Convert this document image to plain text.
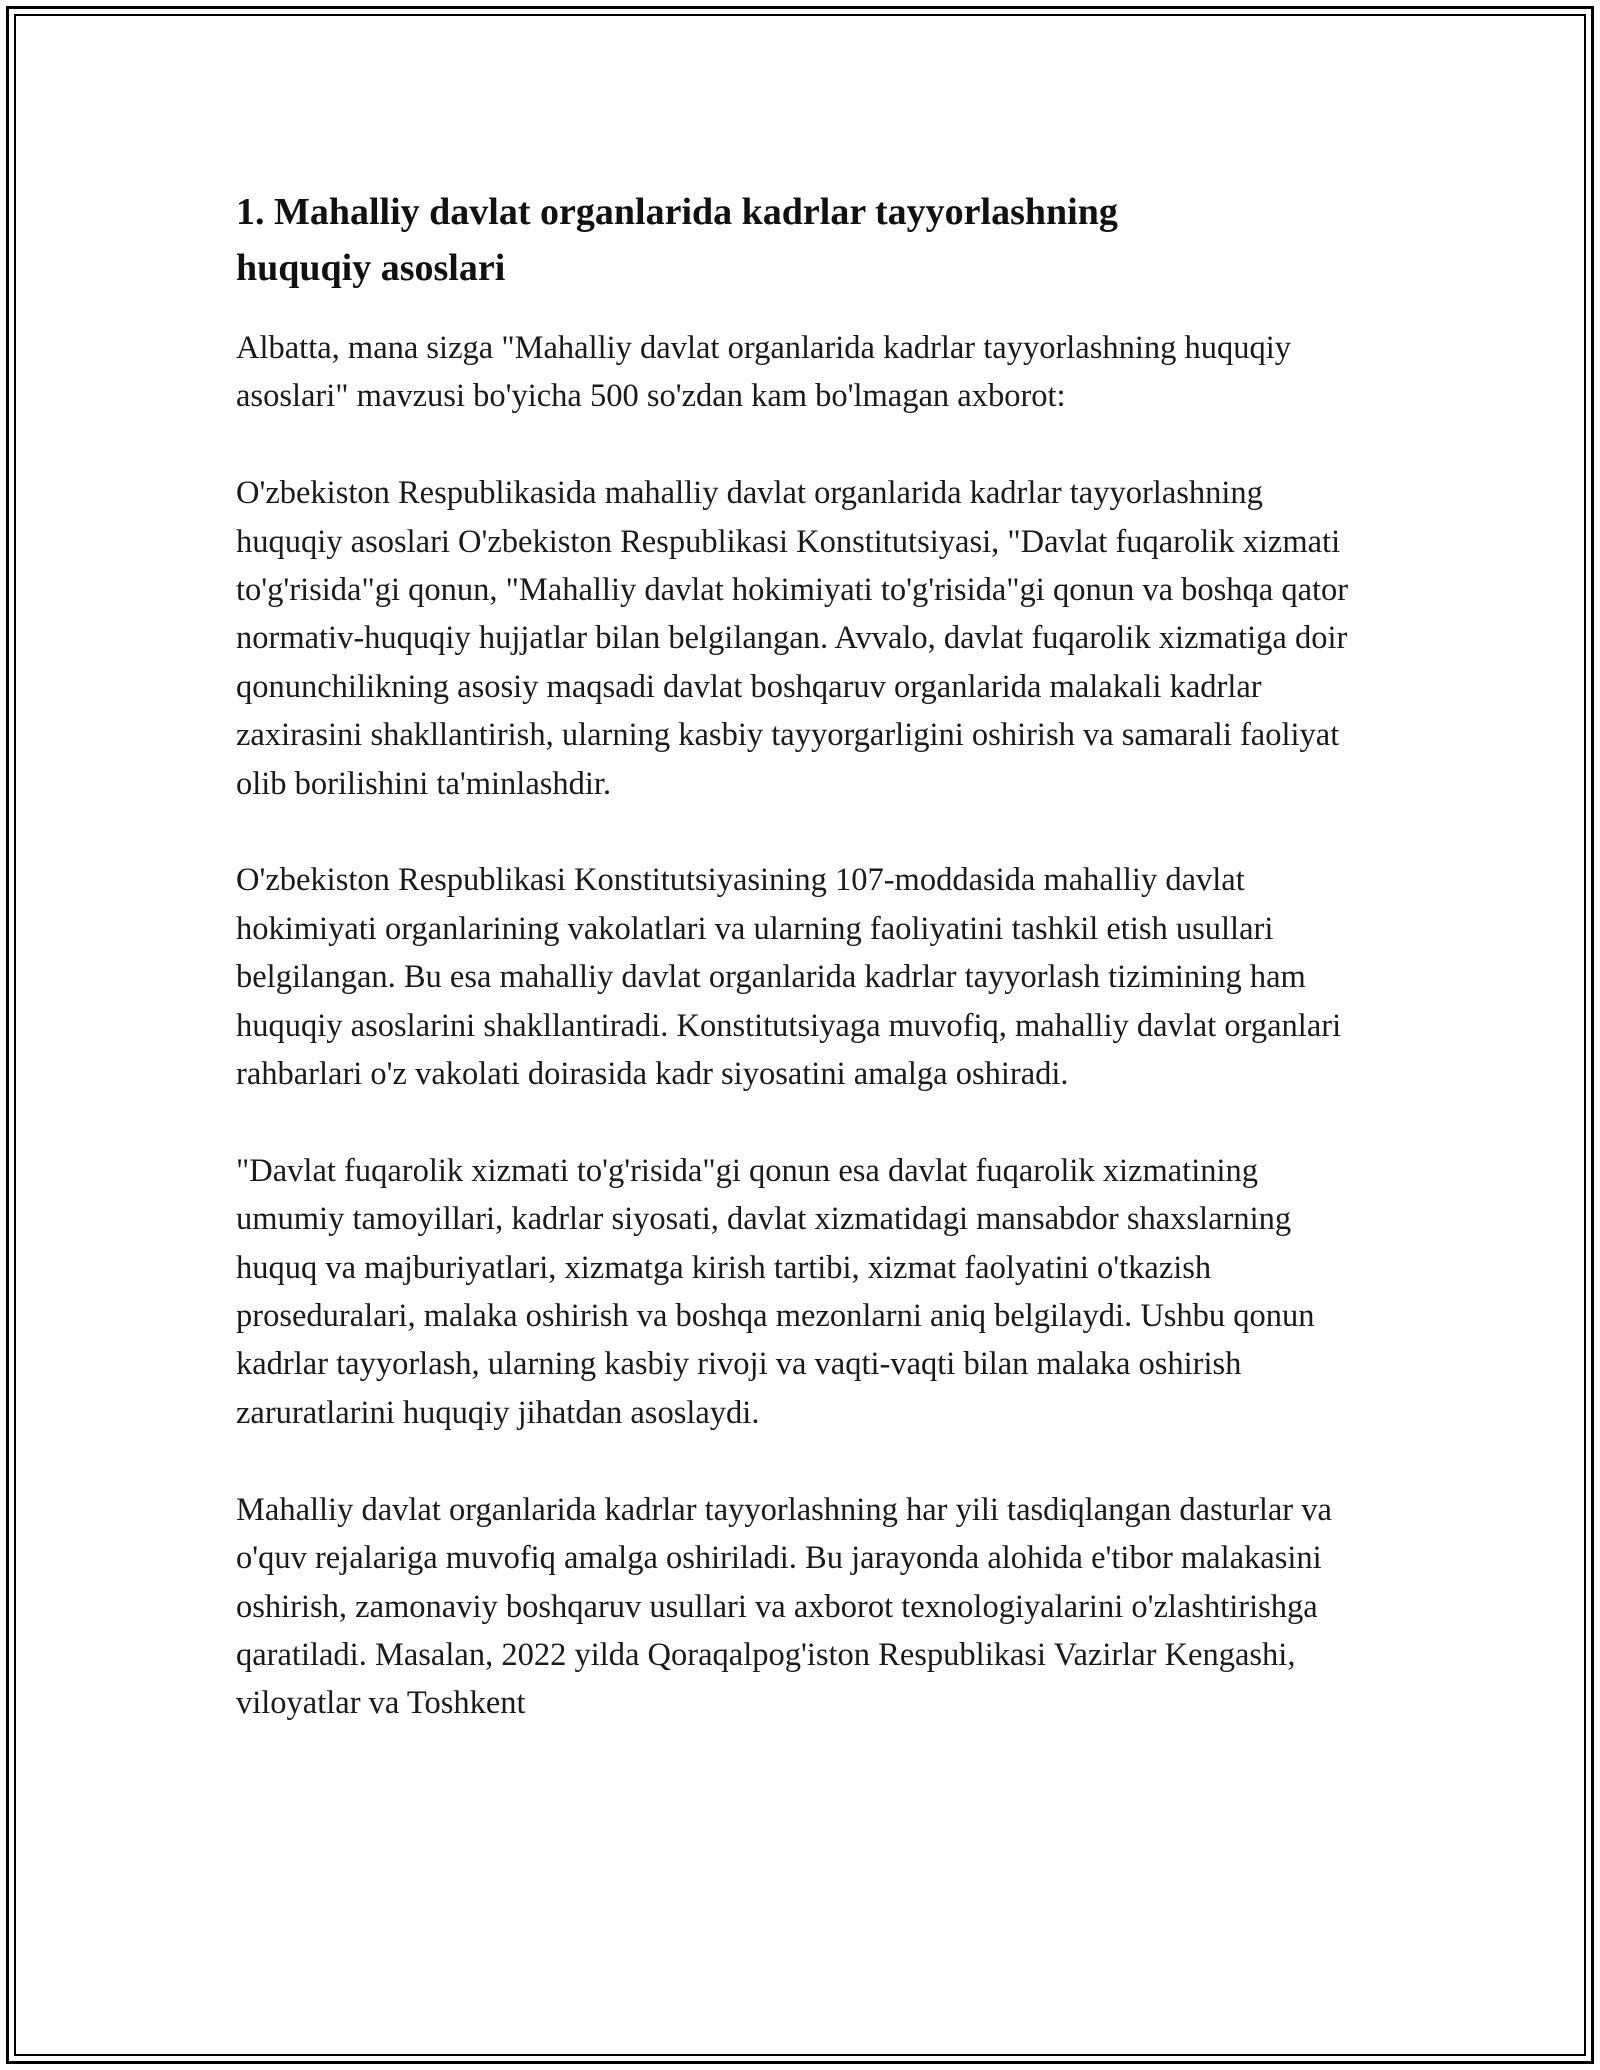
1. Mahalliy davlat organlarida kadrlar tayyorlashning
huquqiy asoslari

Albatta, mana sizga "Mahalliy davlat organlarida kadrlar tayyorlashning huquqiy asoslari" mavzusi bo'yicha 500 so'zdan kam bo'lmagan axborot:

O'zbekiston Respublikasida mahalliy davlat organlarida kadrlar tayyorlashning huquqiy asoslari O'zbekiston Respublikasi Konstitutsiyasi, "Davlat fuqarolik xizmati to'g'risida"gi qonun, "Mahalliy davlat hokimiyati to'g'risida"gi qonun va boshqa qator normativ-huquqiy hujjatlar bilan belgilangan. Avvalo, davlat fuqarolik xizmatiga doir qonunchilikning asosiy maqsadi davlat boshqaruv organlarida malakali kadrlar zaxirasini shakllantirish, ularning kasbiy tayyorgarligini oshirish va samarali faoliyat olib borilishini ta'minlashdir.

O'zbekiston Respublikasi Konstitutsiyasining 107-moddasida mahalliy davlat hokimiyati organlarining vakolatlari va ularning faoliyatini tashkil etish usullari belgilangan. Bu esa mahalliy davlat organlarida kadrlar tayyorlash tizimining ham huquqiy asoslarini shakllantiradi. Konstitutsiyaga muvofiq, mahalliy davlat organlari rahbarlari o'z vakolati doirasida kadr siyosatini amalga oshiradi.

"Davlat fuqarolik xizmati to'g'risida"gi qonun esa davlat fuqarolik xizmatining umumiy tamoyillari, kadrlar siyosati, davlat xizmatidagi mansabdor shaxslarning huquq va majburiyatlari, xizmatga kirish tartibi, xizmat faolyatini o'tkazish proseduralari, malaka oshirish va boshqa mezonlarni aniq belgilaydi. Ushbu qonun kadrlar tayyorlash, ularning kasbiy rivoji va vaqti-vaqti bilan malaka oshirish zaruratlarini huquqiy jihatdan asoslaydi.

Mahalliy davlat organlarida kadrlar tayyorlashning har yili tasdiqlangan dasturlar va o'quv rejalariga muvofiq amalga oshiriladi. Bu jarayonda alohida e'tibor malakasini oshirish, zamonaviy boshqaruv usullari va axborot texnologiyalarini o'zlashtirishga qaratiladi. Masalan, 2022 yilda Qoraqalpog'iston Respublikasi Vazirlar Kengashi, viloyatlar va Toshkent
